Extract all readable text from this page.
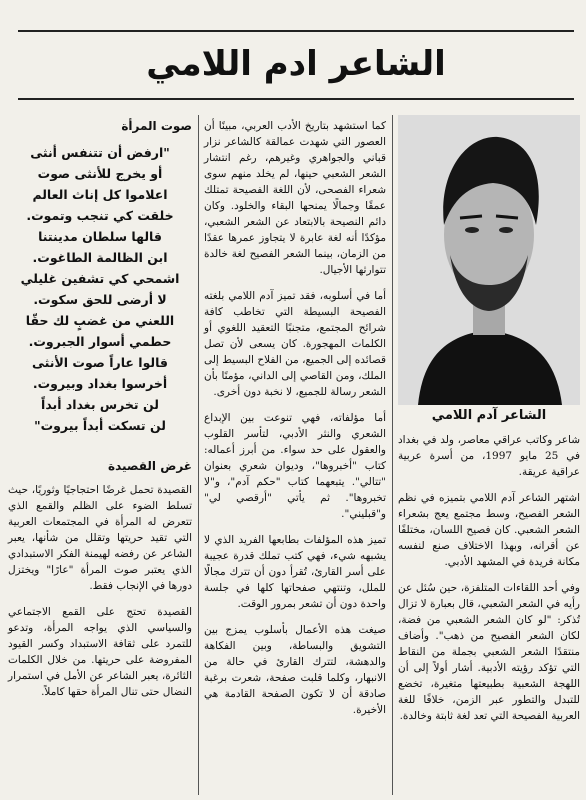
الشاعر ادم اللامي
الشاعر آدم اللامي

شاعر وكاتب عراقي معاصر، ولد في بغداد في 25 مايو 1997، من أسرة عربية عراقية عريقة.

اشتهر الشاعر آدم اللامي بتميزه في نظم الشعر الفصيح، وسط مجتمع يعج بشعراء الشعر الشعبي. كان فصيح اللسان، مختلفًا عن أقرانه، وبهذا الاختلاف صنع لنفسه مكانة فريدة في المشهد الأدبي.

وفي أحد اللقاءات المتلفزة، حين سُئل عن رأيه في الشعر الشعبي، قال بعبارة لا تزال تُذكر: "لو كان الشعر الشعبي من فضة، لكان الشعر الفصيح من ذهب". وأضاف منتقدًا الشعر الشعبي بجملة من النقاط التي تؤكد رؤيته الأدبية. أشار أولاً إلى أن اللهجة الشعبية بطبيعتها متغيرة، تخضع للتبدل والتطور عبر الزمن، خلافًا للغة العربية الفصيحة التي تعد لغة ثابتة وخالدة.

كما استشهد بتاريخ الأدب العربي، مبينًا أن العصور التي شهدت عمالقة كالشاعر نزار قباني والجواهري وغيرهم، رغم انتشار الشعر الشعبي حينها، لم يخلد منهم سوى شعراء الفصحى، لأن اللغة الفصيحة تمتلك عمقًا وجمالًا يمنحها البقاء والخلود. وكان دائم النصيحة بالابتعاد عن الشعر الشعبي، مؤكدًا أنه لغة عابرة لا يتجاوز عمرها عقدًا من الزمان، بينما الشعر الفصيح لغة خالدة تتوارثها الأجيال.

أما في أسلوبه، فقد تميز آدم اللامي بلغته الفصيحة البسيطة التي تخاطب كافة شرائح المجتمع، متجنبًا التعقيد اللغوي أو الكلمات المهجورة. كان يسعى لأن تصل قصائده إلى الجميع، من الفلاح البسيط إلى الملك، ومن القاصي إلى الداني، مؤمنًا بأن الشعر رسالة للجميع، لا نخبة دون أخرى.

أما مؤلفاته، فهي تنوعت بين الإبداع الشعري والنثر الأدبي، لتأسر القلوب والعقول على حد سواء. من أبرز أعماله: كتاب "أخبروها"، وديوان شعري بعنوان "تتالي". يتبعهما كتاب "حكم آدم"، و"لا تخبروها". ثم يأتي "أرقصي لي" و"قبليني".

تميز هذه المؤلفات بطابعها الفريد الذي لا يشبهه شيء، فهي كتب تملك قدرة عجيبة على أسر القارئ، تُقرأ دون أن تترك مجالًا للملل، وتنتهي صفحاتها كلها في جلسة واحدة دون أن تشعر بمرور الوقت.

صيغت هذه الأعمال بأسلوب يمزج بين التشويق والبساطة، وبين الفكاهة والدهشة، لتترك القارئ في حالة من الانبهار، وكلما قلبت صفحة، شعرت برغبة صادقة أن لا تكون الصفحة القادمة هي الأخيرة.

صوت المرأة
"ارفض أن تتنفس أنثى
أو يخرج للأنثى صوت
اعلاموا كل إناث العالم
خلقت كي تنجب وتموت.
قالها سلطان مدينتنا
ابن الظالمة الطاغوت.
اشمحي كي تشفين غليلي
لا أرضى للحق سكوت.
اللعني من غضبٍ لك حقّا
حطمي أسوار الجبروت.
قالوا عاراً صوت الأنثى
أخرسوا بغداد وبيروت.
لن تخرس بغداد أبداً
لن تسكت أبداً بيروت"
غرض القصيدة

القصيدة تحمل غرضًا احتجاجيًا وثوريًا، حيث تسلط الضوء على الظلم والقمع الذي تتعرض له المرأة في المجتمعات العربية التي تقيد حريتها وتقلل من شأنها، يعبر الشاعر عن رفضه لهيمنة الفكر الاستبدادي الذي يعتبر صوت المرأة "عارًا" ويختزل دورها في الإنجاب فقط.

القصيدة تحتج على القمع الاجتماعي والسياسي الذي يواجه المرأة، وتدعو للتمرد على ثقافة الاستبداد وكسر القيود المفروضة على حريتها. من خلال الكلمات الثائرة، يعبر الشاعر عن الأمل في استمرار النضال حتى تنال المرأة حقها كاملاً.
